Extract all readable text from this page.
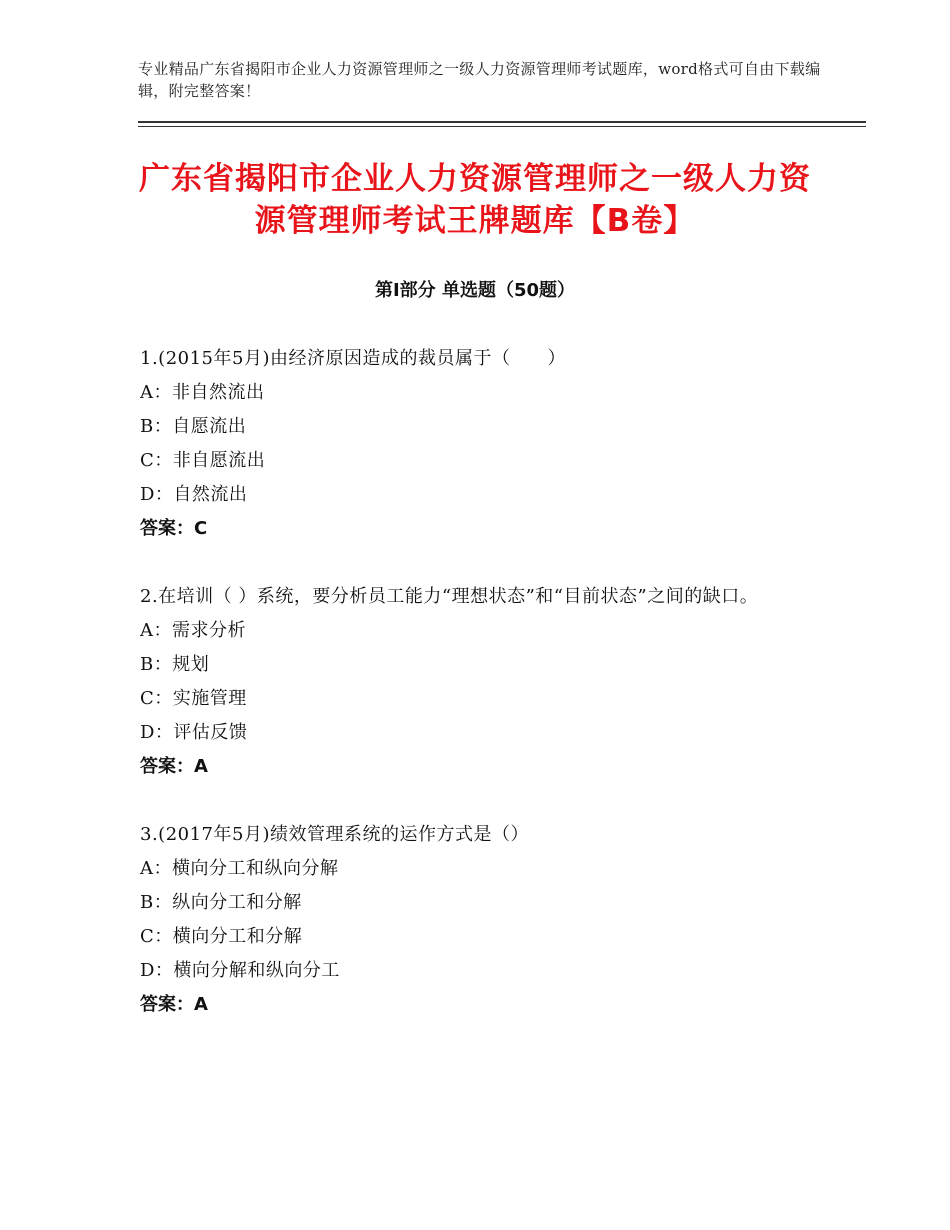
专业精品广东省揭阳市企业人力资源管理师之一级人力资源管理师考试题库，word格式可自由下载编辑，附完整答案！
广东省揭阳市企业人力资源管理师之一级人力资源管理师考试王牌题库【B卷】
第Ⅰ部分 单选题（50题）
1.(2015年5月)由经济原因造成的裁员属于（　　）
A：非自然流出
B：自愿流出
C：非自愿流出
D：自然流出
答案：C
2.在培训（ ）系统，要分析员工能力“理想状态”和“目前状态”之间的缺口。
A：需求分析
B：规划
C：实施管理
D：评估反馈
答案：A
3.(2017年5月)绩效管理系统的运作方式是（）
A：横向分工和纵向分解
B：纵向分工和分解
C：横向分工和分解
D：横向分解和纵向分工
答案：A
